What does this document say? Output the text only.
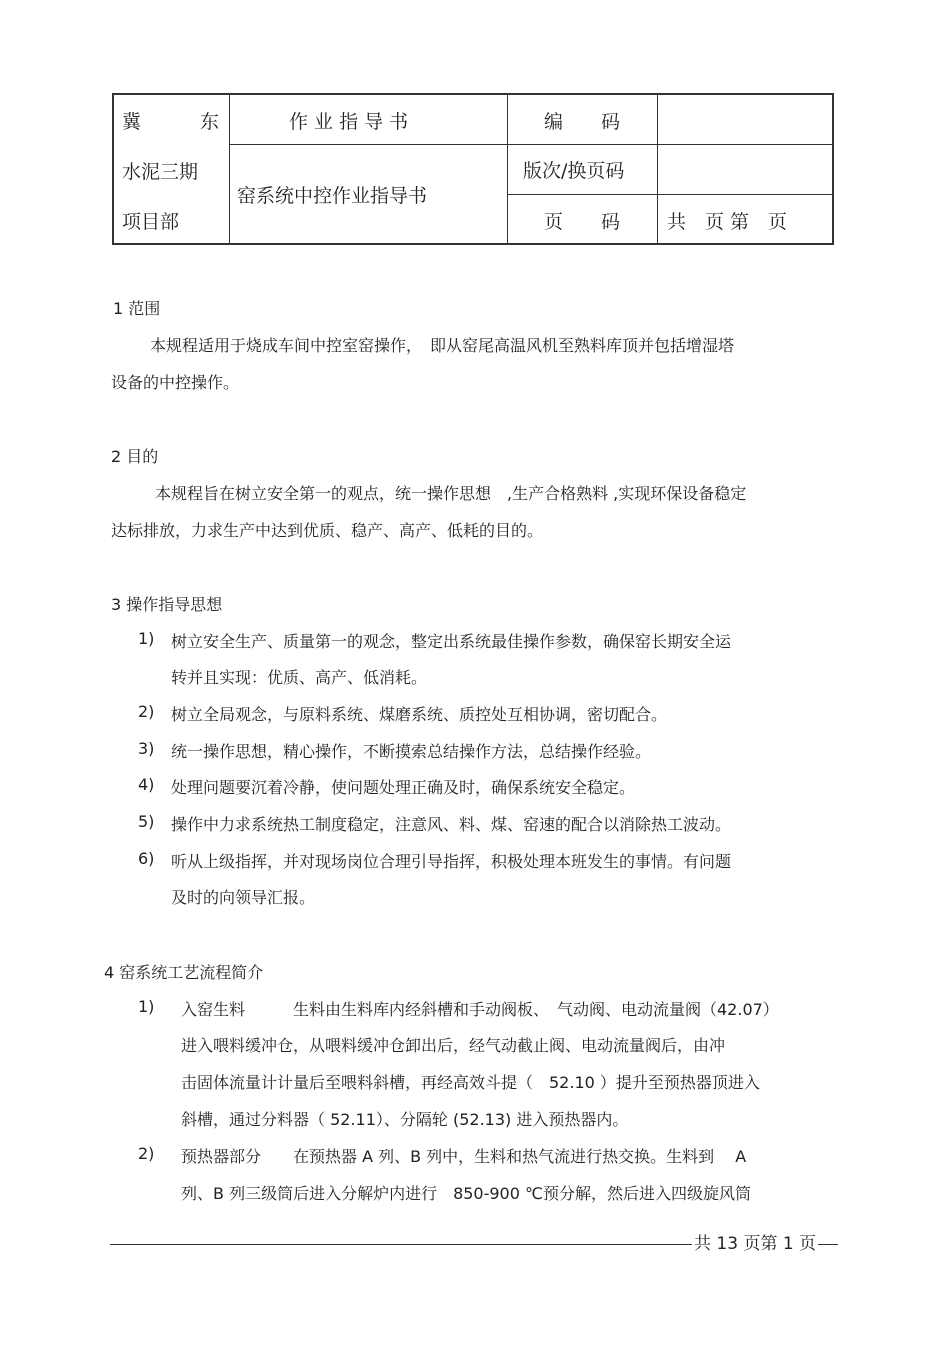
冀	东
水泥三期
项目部
作 业 指 导 书
窑系统中控作业指导书
编　　码
版次/换页码
页　　码 共　页 第　页
1 范围
本规程适用于烧成车间中控室窑操作，　即从窑尾高温风机至熟料库顶并包括增湿塔
设备的中控操作。
2 目的
本规程旨在树立安全第一的观点，统一操作思想　,生产合格熟料 ,实现环保设备稳定
达标排放，力求生产中达到优质、稳产、高产、低耗的目的。
3 操作指导思想
1) 树立安全生产、质量第一的观念，整定出系统最佳操作参数，确保窑长期安全运
转并且实现：优质、高产、低消耗。
2) 树立全局观念，与原料系统、煤磨系统、质控处互相协调，密切配合。
3) 统一操作思想，精心操作，不断摸索总结操作方法，总结操作经验。
4) 处理问题要沉着冷静，使问题处理正确及时，确保系统安全稳定。
5) 操作中力求系统热工制度稳定，注意风、料、煤、窑速的配合以消除热工波动。
6) 听从上级指挥，并对现场岗位合理引导指挥，积极处理本班发生的事情。有问题
及时的向领导汇报。
4 窑系统工艺流程简介
1) 入窑生料　　　生料由生料库内经斜槽和手动阀板、　气动阀、电动流量阀（42.07）
进入喂料缓冲仓，从喂料缓冲仓卸出后，经气动截止阀、电动流量阀后，由冲
击固体流量计计量后至喂料斜槽，再经高效斗提（　52.10 ）提升至预热器顶进入
斜槽，通过分料器（ 52.11）、分隔轮 (52.13) 进入预热器内。
2) 预热器部分　　在预热器 A 列、B 列中，生料和热气流进行热交换。生料到　 A
列、B 列三级筒后进入分解炉内进行　850-900 ℃预分解，然后进入四级旋风筒
共 13 页第 1 页
